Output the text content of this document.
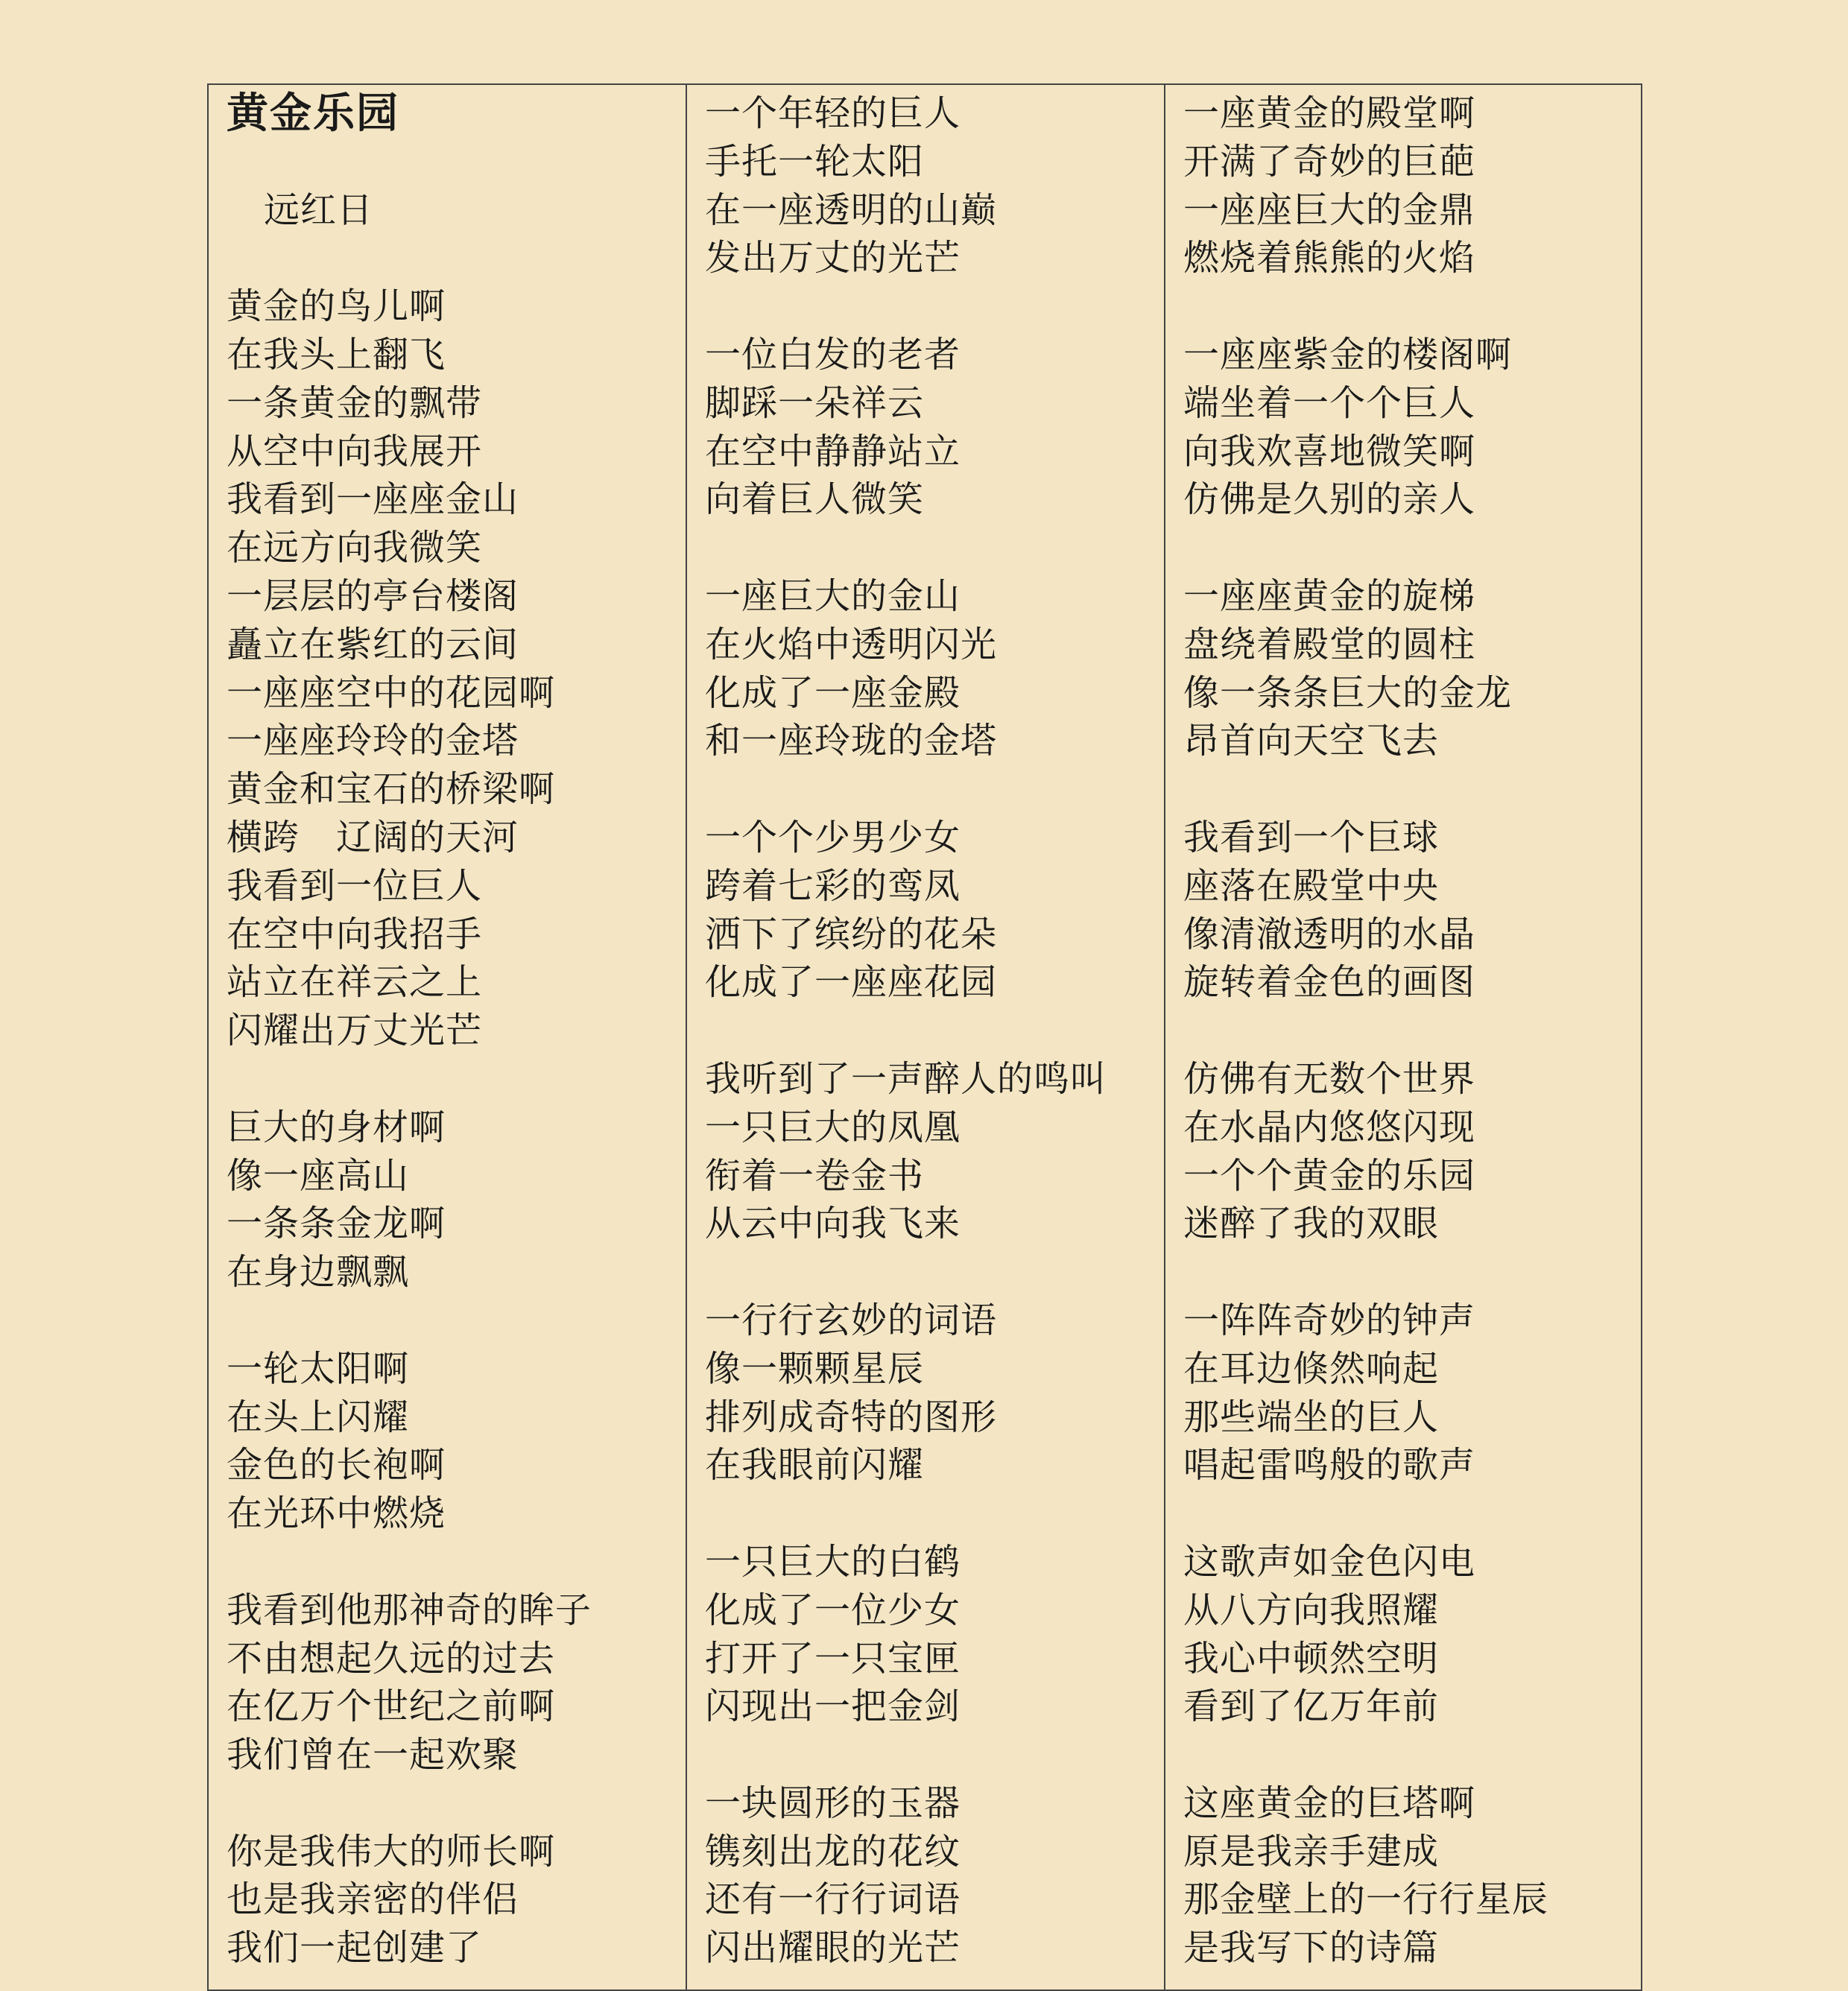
黄金乐园
远红日
黄金的鸟儿啊
在我头上翻飞
一条黄金的飘带
从空中向我展开
我看到一座座金山
在远方向我微笑
一层层的亭台楼阁
矗立在紫红的云间
一座座空中的花园啊
一座座玲玲的金塔
黄金和宝石的桥梁啊
横跨　辽阔的天河
我看到一位巨人
在空中向我招手
站立在祥云之上
闪耀出万丈光芒
巨大的身材啊
像一座高山
一条条金龙啊
在身边飘飘
一轮太阳啊
在头上闪耀
金色的长袍啊
在光环中燃烧
我看到他那神奇的眸子
不由想起久远的过去
在亿万个世纪之前啊
我们曾在一起欢聚
你是我伟大的师长啊
也是我亲密的伴侣
我们一起创建了
一个年轻的巨人
手托一轮太阳
在一座透明的山巅
发出万丈的光芒
一位白发的老者
脚踩一朵祥云
在空中静静站立
向着巨人微笑
一座巨大的金山
在火焰中透明闪光
化成了一座金殿
和一座玲珑的金塔
一个个少男少女
跨着七彩的鸾凤
洒下了缤纷的花朵
化成了一座座花园
我听到了一声醉人的鸣叫
一只巨大的凤凰
衔着一卷金书
从云中向我飞来
一行行玄妙的词语
像一颗颗星辰
排列成奇特的图形
在我眼前闪耀
一只巨大的白鹤
化成了一位少女
打开了一只宝匣
闪现出一把金剑
一块圆形的玉器
镌刻出龙的花纹
还有一行行词语
闪出耀眼的光芒
一座黄金的殿堂啊
开满了奇妙的巨葩
一座座巨大的金鼎
燃烧着熊熊的火焰
一座座紫金的楼阁啊
端坐着一个个巨人
向我欢喜地微笑啊
仿佛是久别的亲人
一座座黄金的旋梯
盘绕着殿堂的圆柱
像一条条巨大的金龙
昂首向天空飞去
我看到一个巨球
座落在殿堂中央
像清澈透明的水晶
旋转着金色的画图
仿佛有无数个世界
在水晶内悠悠闪现
一个个黄金的乐园
迷醉了我的双眼
一阵阵奇妙的钟声
在耳边倏然响起
那些端坐的巨人
唱起雷鸣般的歌声
这歌声如金色闪电
从八方向我照耀
我心中顿然空明
看到了亿万年前
这座黄金的巨塔啊
原是我亲手建成
那金壁上的一行行星辰
是我写下的诗篇
